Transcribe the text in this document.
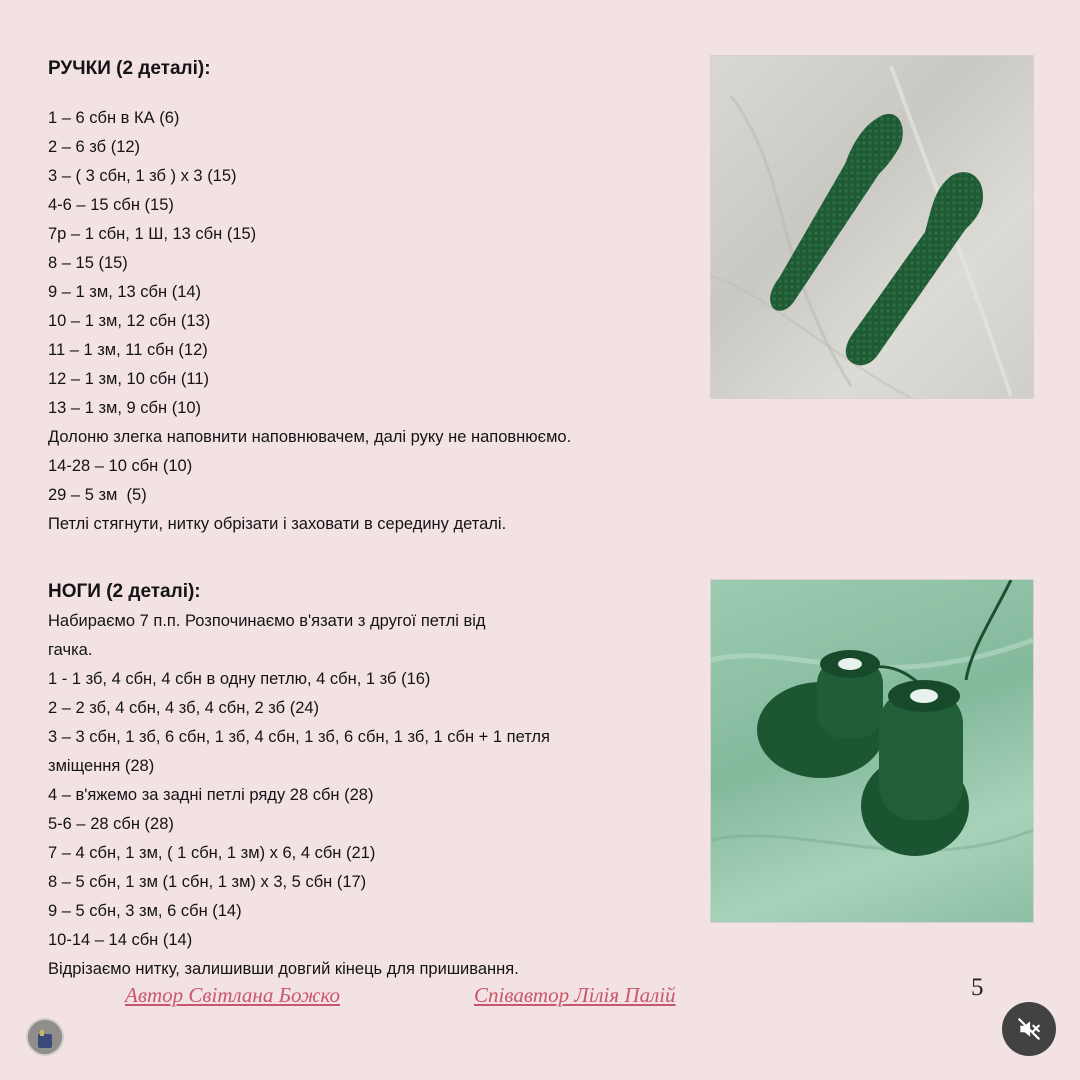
РУЧКИ (2 деталі):
1 – 6 сбн в КА (6)
2 – 6 зб (12)
3 – ( 3 сбн, 1 зб ) х 3 (15)
4-6 – 15 сбн (15)
7р – 1 сбн, 1 Ш, 13 сбн (15)
8 – 15 (15)
9 – 1 зм, 13 сбн (14)
10 – 1 зм, 12 сбн (13)
11 – 1 зм, 11 сбн (12)
12 – 1 зм, 10 сбн (11)
13 – 1 зм, 9 сбн (10)
Долоню злегка наповнити наповнювачем, далі руку не наповнюємо.
14-28 – 10 сбн (10)
29 – 5 зм  (5)
Петлі стягнути, нитку обрізати і заховати в середину деталі.
НОГИ (2 деталі):
Набираємо 7 п.п. Розпочинаємо в'язати з другої петлі від
гачка.
1 - 1 зб, 4 сбн, 4 сбн в одну петлю, 4 сбн, 1 зб (16)
2 – 2 зб, 4 сбн, 4 зб, 4 сбн, 2 зб (24)
3 – 3 сбн, 1 зб, 6 сбн, 1 зб, 4 сбн, 1 зб, 6 сбн, 1 зб, 1 сбн + 1 петля
зміщення (28)
4 – в'яжемо за задні петлі ряду 28 сбн (28)
5-6 – 28 сбн (28)
7 – 4 сбн, 1 зм, ( 1 сбн, 1 зм) х 6, 4 сбн (21)
8 – 5 сбн, 1 зм (1 сбн, 1 зм) х 3, 5 сбн (17)
9 – 5 сбн, 3 зм, 6 сбн (14)
10-14 – 14 сбн (14)
Відрізаємо нитку, залишивши довгий кінець для пришивання.
Автор Світлана Божко	Співавтор Лілія Палій	5
